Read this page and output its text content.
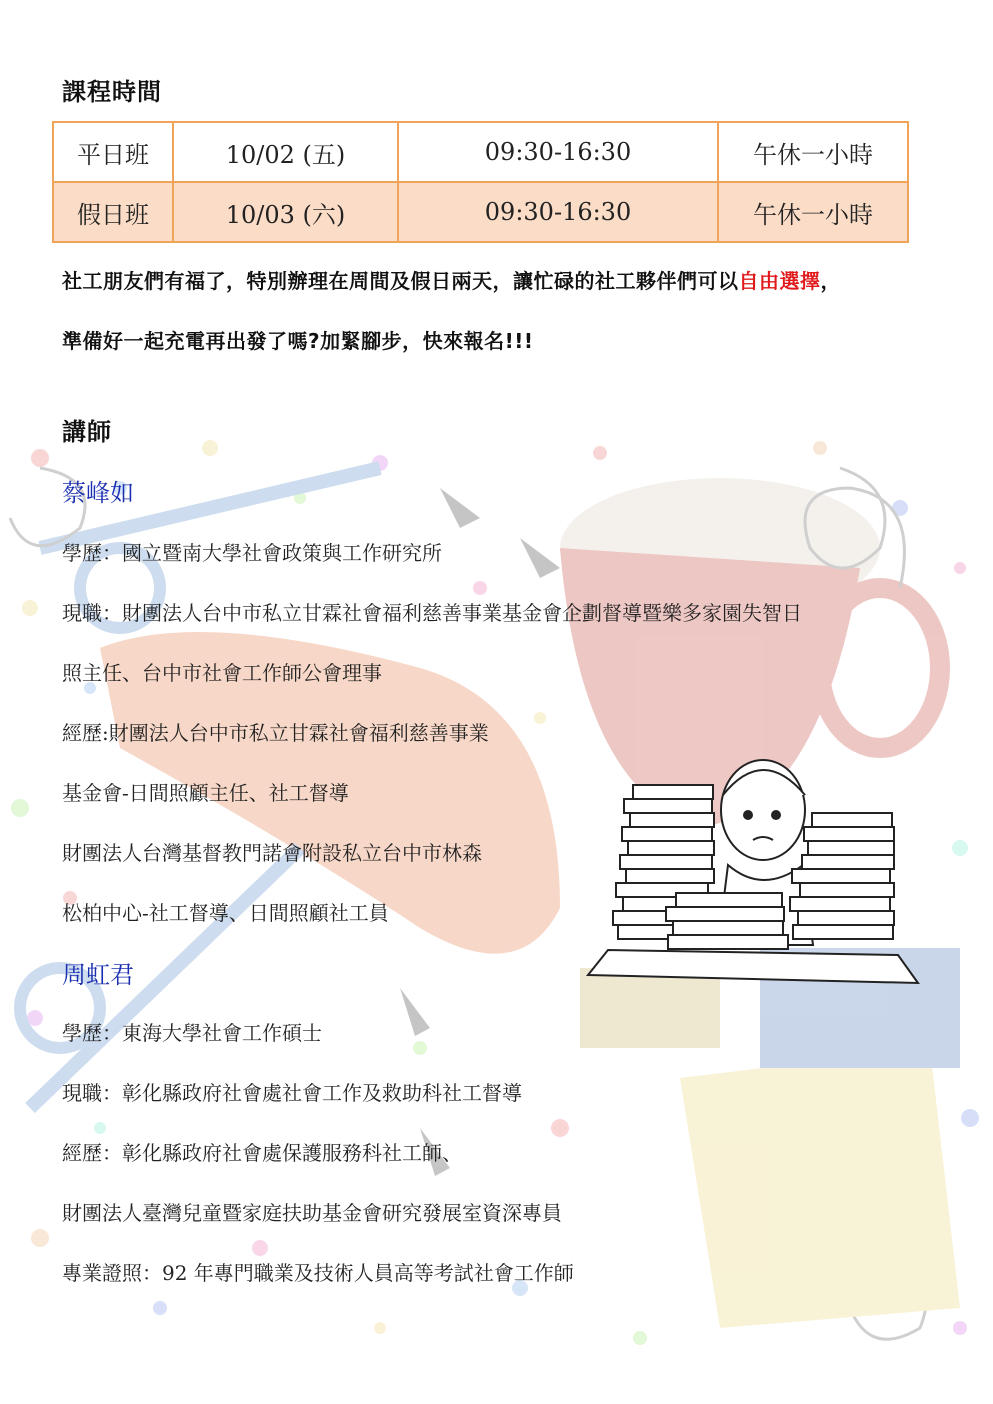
課程時間
平日班	10/02 (五)	09:30-16:30	午休一小時
假日班	10/03 (六)	09:30-16:30	午休一小時
社工朋友們有福了，特別辦理在周間及假日兩天，讓忙碌的社工夥伴們可以自由選擇，
準備好一起充電再出發了嗎?加緊腳步，快來報名!!!
講師
蔡峰如
學歷：國立暨南大學社會政策與工作研究所
現職：財團法人台中市私立甘霖社會福利慈善事業基金會企劃督導暨樂多家園失智日
照主任、台中市社會工作師公會理事
經歷:財團法人台中市私立甘霖社會福利慈善事業
基金會-日間照顧主任、社工督導
財團法人台灣基督教門諾會附設私立台中市林森
松柏中心-社工督導、日間照顧社工員
周虹君
學歷：東海大學社會工作碩士
現職：彰化縣政府社會處社會工作及救助科社工督導
經歷：彰化縣政府社會處保護服務科社工師、
財團法人臺灣兒童暨家庭扶助基金會研究發展室資深專員
專業證照：92 年專門職業及技術人員高等考試社會工作師
